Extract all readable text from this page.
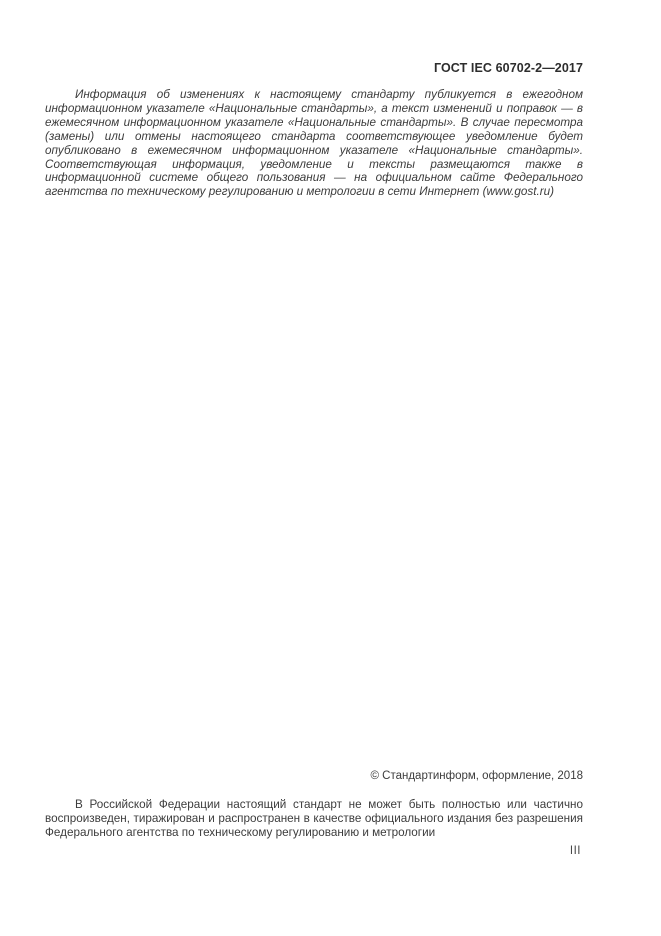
ГОСТ IEC 60702-2—2017

Информация об изменениях к настоящему стандарту публикуется в ежегодном информационном указателе «Национальные стандарты», а текст изменений и поправок — в ежемесячном информационном указателе «Национальные стандарты». В случае пересмотра (замены) или отмены настоящего стандарта соответствующее уведомление будет опубликовано в ежемесячном информационном указателе «Национальные стандарты». Соответствующая информация, уведомление и тексты размещаются также в информационной системе общего пользования — на официальном сайте Федерального агентства по техническому регулированию и метрологии в сети Интернет (www.gost.ru)

© Стандартинформ, оформление, 2018

В Российской Федерации настоящий стандарт не может быть полностью или частично воспроизведен, тиражирован и распространен в качестве официального издания без разрешения Федерального агентства по техническому регулированию и метрологии

III
